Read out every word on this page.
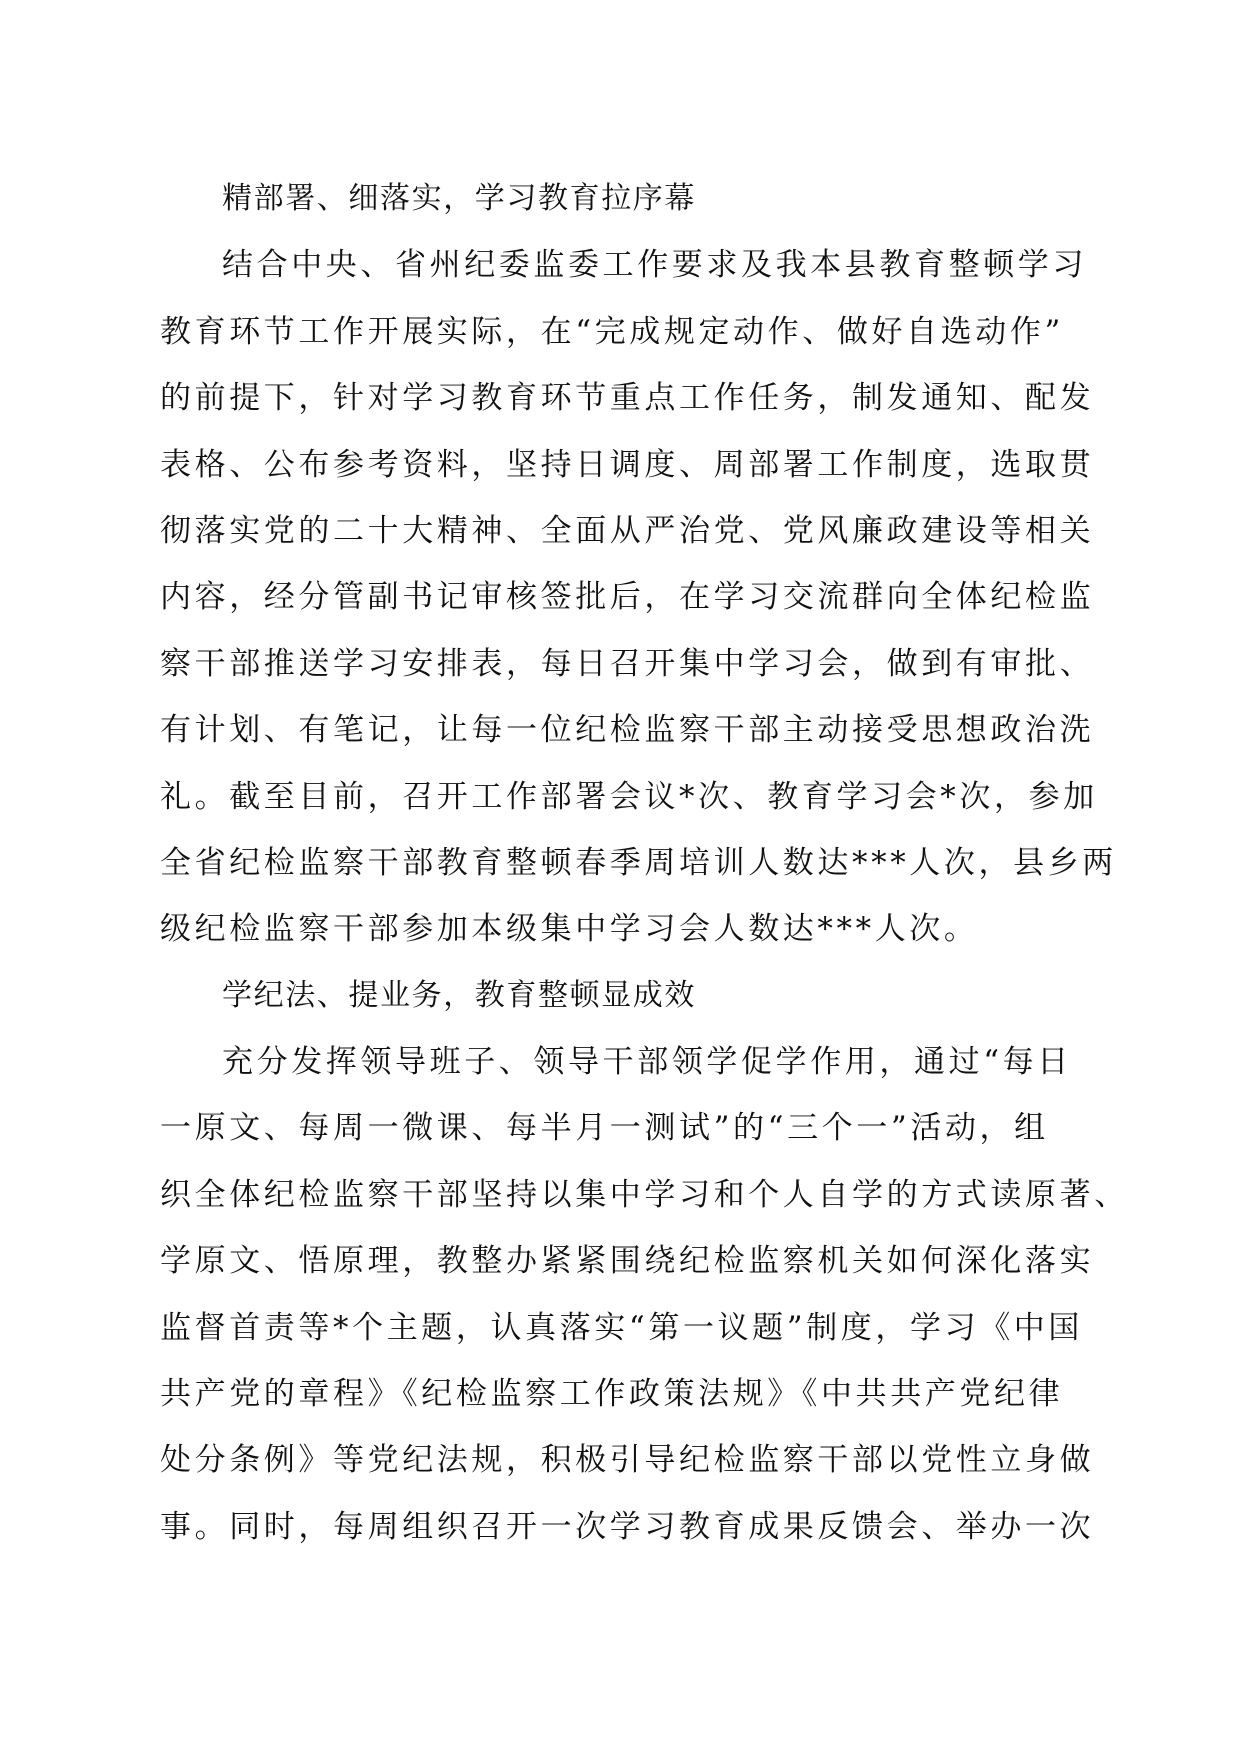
精部署、细落实，学习教育拉序幕
结合中央、省州纪委监委工作要求及我本县教育整顿学习
教育环节工作开展实际，在“完成规定动作、做好自选动作”
的前提下，针对学习教育环节重点工作任务，制发通知、配发
表格、公布参考资料，坚持日调度、周部署工作制度，选取贯
彻落实党的二十大精神、全面从严治党、党风廉政建设等相关
内容，经分管副书记审核签批后，在学习交流群向全体纪检监
察干部推送学习安排表，每日召开集中学习会，做到有审批、
有计划、有笔记，让每一位纪检监察干部主动接受思想政治洗
礼。截至目前，召开工作部署会议*次、教育学习会*次，参加
全省纪检监察干部教育整顿春季周培训人数达***人次，县乡两
级纪检监察干部参加本级集中学习会人数达***人次。
学纪法、提业务，教育整顿显成效
充分发挥领导班子、领导干部领学促学作用，通过“每日
一原文、每周一微课、每半月一测试”的“三个一”活动，组
织全体纪检监察干部坚持以集中学习和个人自学的方式读原著、
学原文、悟原理，教整办紧紧围绕纪检监察机关如何深化落实
监督首责等*个主题，认真落实“第一议题”制度，学习《中国
共产党的章程》《纪检监察工作政策法规》《中共共产党纪律
处分条例》等党纪法规，积极引导纪检监察干部以党性立身做
事。同时，每周组织召开一次学习教育成果反馈会、举办一次
